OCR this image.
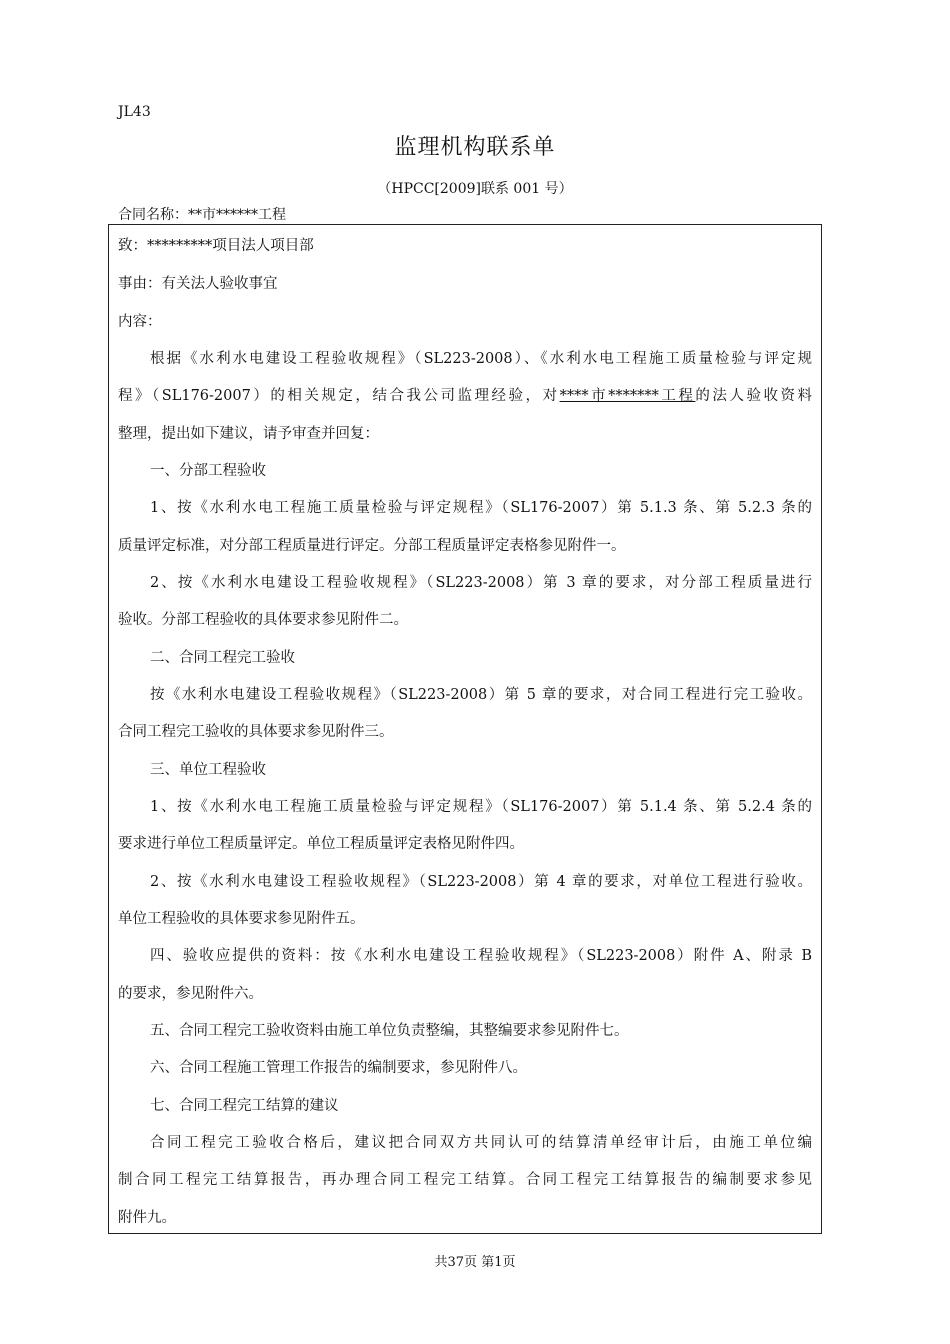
JL43
监理机构联系单
（HPCC[2009]联系 001 号）
合同名称：**市******工程
致：*********项目法人项目部
事由：有关法人验收事宜
内容：
根据《水利水电建设工程验收规程》（SL223-2008）、《水利水电工程施工质量检验与评定规
程》（SL176-2007）的相关规定，结合我公司监理经验，对****市*******工程的法人验收资料
整理，提出如下建议，请予审查并回复：
一、分部工程验收
1、按《水利水电工程施工质量检验与评定规程》（SL176-2007）第 5.1.3 条、第 5.2.3 条的
质量评定标准，对分部工程质量进行评定。分部工程质量评定表格参见附件一。
2、按《水利水电建设工程验收规程》（SL223-2008）第 3 章的要求，对分部工程质量进行
验收。分部工程验收的具体要求参见附件二。
二、合同工程完工验收
按《水利水电建设工程验收规程》（SL223-2008）第 5 章的要求，对合同工程进行完工验收。
合同工程完工验收的具体要求参见附件三。
三、单位工程验收
1、按《水利水电工程施工质量检验与评定规程》（SL176-2007）第 5.1.4 条、第 5.2.4 条的
要求进行单位工程质量评定。单位工程质量评定表格见附件四。
2、按《水利水电建设工程验收规程》（SL223-2008）第 4 章的要求，对单位工程进行验收。
单位工程验收的具体要求参见附件五。
四、验收应提供的资料：按《水利水电建设工程验收规程》（SL223-2008）附件 A、附录 B
的要求，参见附件六。
五、合同工程完工验收资料由施工单位负责整编，其整编要求参见附件七。
六、合同工程施工管理工作报告的编制要求，参见附件八。
七、合同工程完工结算的建议
合同工程完工验收合格后，建议把合同双方共同认可的结算清单经审计后，由施工单位编
制合同工程完工结算报告，再办理合同工程完工结算。合同工程完工结算报告的编制要求参见
附件九。
共37页 第1页
